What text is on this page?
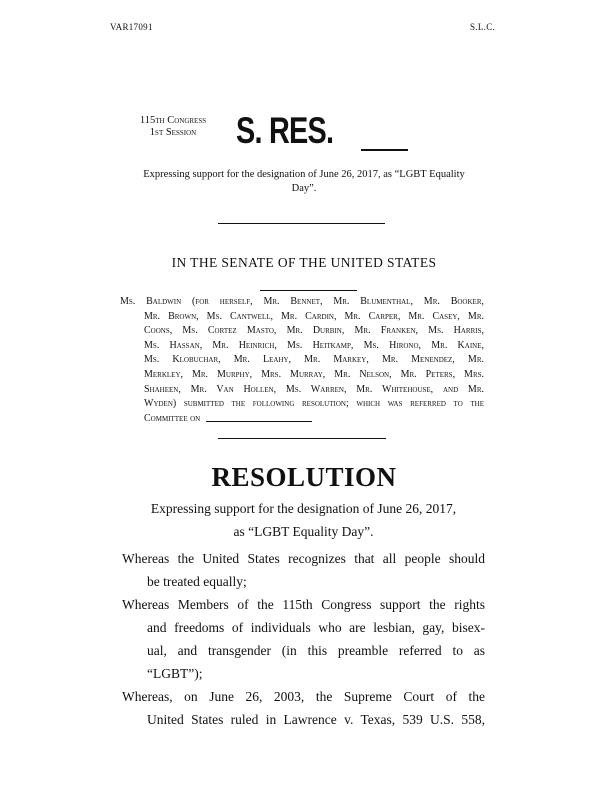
VAR17091	S.L.C.
115th Congress
1st Session	S. RES.
Expressing support for the designation of June 26, 2017, as “LGBT Equality
Day”.
IN THE SENATE OF THE UNITED STATES
Ms. Baldwin (for herself, Mr. Bennet, Mr. Blumenthal, Mr. Booker,
Mr. Brown, Ms. Cantwell, Mr. Cardin, Mr. Carper, Mr. Casey, Mr.
Coons, Ms. Cortez Masto, Mr. Durbin, Mr. Franken, Ms. Harris,
Ms. Hassan, Mr. Heinrich, Ms. Heitkamp, Ms. Hirono, Mr. Kaine,
Ms. Klobuchar, Mr. Leahy, Mr. Markey, Mr. Menendez, Mr.
Merkley, Mr. Murphy, Mrs. Murray, Mr. Nelson, Mr. Peters, Mrs.
Shaheen, Mr. Van Hollen, Ms. Warren, Mr. Whitehouse, and Mr.
Wyden) submitted the following resolution; which was referred to the
Committee on
RESOLUTION
Expressing support for the designation of June 26, 2017,
as “LGBT Equality Day”.
Whereas the United States recognizes that all people should
be treated equally;
Whereas Members of the 115th Congress support the rights
and freedoms of individuals who are lesbian, gay, bisex-
ual, and transgender (in this preamble referred to as
“LGBT”);
Whereas, on June 26, 2003, the Supreme Court of the
United States ruled in Lawrence v. Texas, 539 U.S. 558,
